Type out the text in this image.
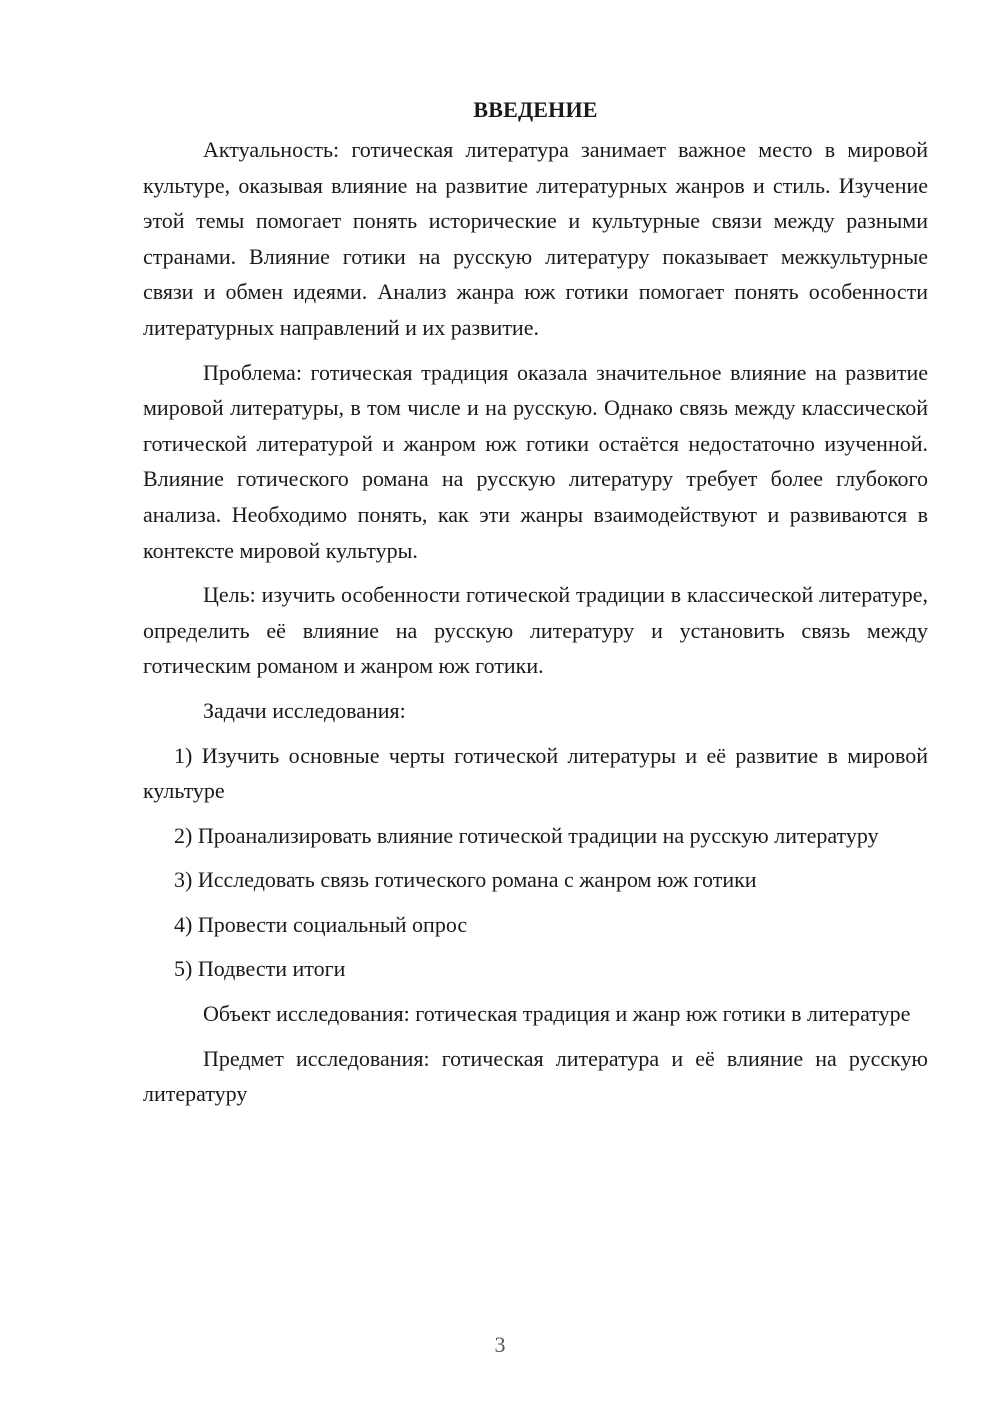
ВВЕДЕНИЕ

Актуальность: готическая литература занимает важное место в мировой культуре, оказывая влияние на развитие литературных жанров и стиль. Изучение этой темы помогает понять исторические и культурные связи между разными странами. Влияние готики на русскую литературу показывает межкультурные связи и обмен идеями. Анализ жанра юж готики помогает понять особенности литературных направлений и их развитие.

Проблема: готическая традиция оказала значительное влияние на развитие мировой литературы, в том числе и на русскую. Однако связь между классической готической литературой и жанром юж готики остаётся недостаточно изученной. Влияние готического романа на русскую литературу требует более глубокого анализа. Необходимо понять, как эти жанры взаимодействуют и развиваются в контексте мировой культуры.

Цель: изучить особенности готической традиции в классической литературе, определить её влияние на русскую литературу и установить связь между готическим романом и жанром юж готики.

Задачи исследования:

1) Изучить основные черты готической литературы и её развитие в мировой культуре

2) Проанализировать влияние готической традиции на русскую литературу

3) Исследовать связь готического романа с жанром юж готики

4) Провести социальный опрос

5) Подвести итоги

Объект исследования: готическая традиция и жанр юж готики в литературе

Предмет исследования: готическая литература и её влияние на русскую литературу

3
